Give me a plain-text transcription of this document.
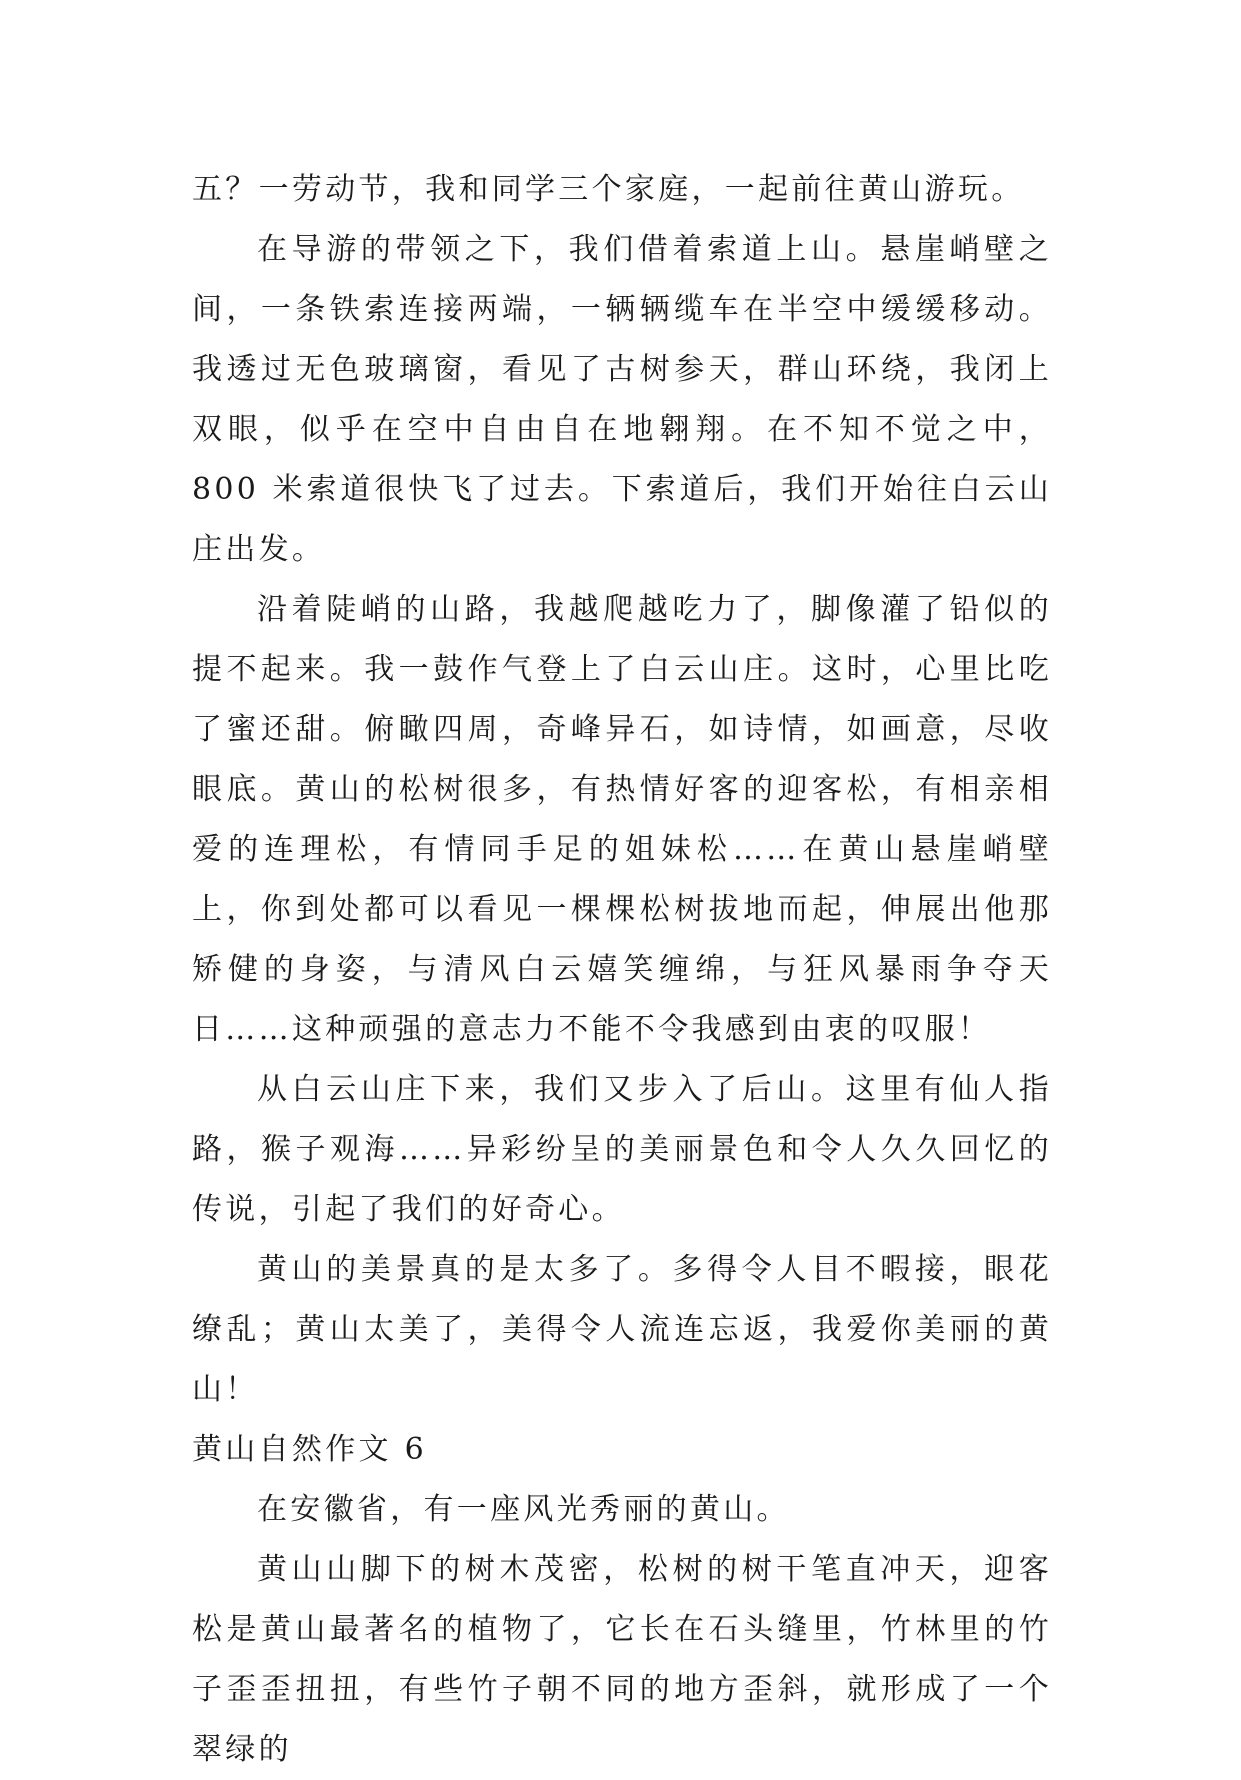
五？一劳动节，我和同学三个家庭，一起前往黄山游玩。

在导游的带领之下，我们借着索道上山。悬崖峭壁之间，一条铁索连接两端，一辆辆缆车在半空中缓缓移动。我透过无色玻璃窗，看见了古树参天，群山环绕，我闭上双眼，似乎在空中自由自在地翱翔。在不知不觉之中，800 米索道很快飞了过去。下索道后，我们开始往白云山庄出发。

沿着陡峭的山路，我越爬越吃力了，脚像灌了铅似的提不起来。我一鼓作气登上了白云山庄。这时，心里比吃了蜜还甜。俯瞰四周，奇峰异石，如诗情，如画意，尽收眼底。黄山的松树很多，有热情好客的迎客松，有相亲相爱的连理松，有情同手足的姐妹松……在黄山悬崖峭壁上，你到处都可以看见一棵棵松树拔地而起，伸展出他那矫健的身姿，与清风白云嬉笑缠绵，与狂风暴雨争夺天日……这种顽强的意志力不能不令我感到由衷的叹服！

从白云山庄下来，我们又步入了后山。这里有仙人指路，猴子观海……异彩纷呈的美丽景色和令人久久回忆的传说，引起了我们的好奇心。

黄山的美景真的是太多了。多得令人目不暇接，眼花缭乱；黄山太美了，美得令人流连忘返，我爱你美丽的黄山！

黄山自然作文 6

在安徽省，有一座风光秀丽的黄山。

黄山山脚下的树木茂密，松树的树干笔直冲天，迎客松是黄山最著名的植物了，它长在石头缝里，竹林里的竹子歪歪扭扭，有些竹子朝不同的地方歪斜，就形成了一个翠绿的
